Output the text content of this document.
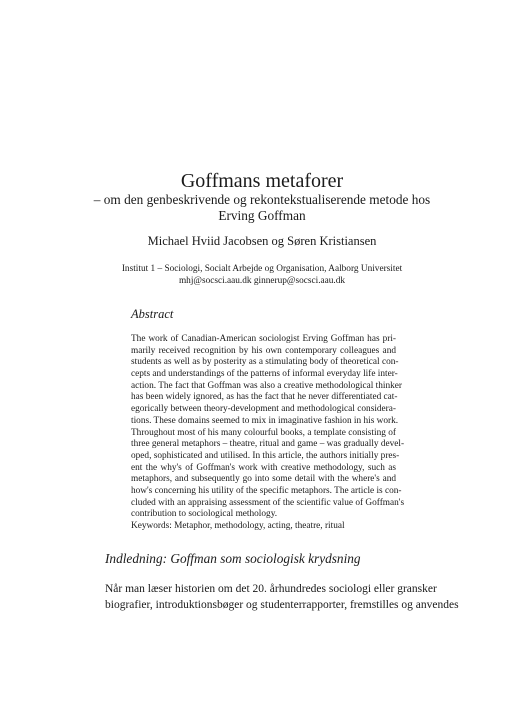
Goffmans metaforer
– om den genbeskrivende og rekontekstualiserende metode hos
Erving Goffman
Michael Hviid Jacobsen og Søren Kristiansen
Institut 1 – Sociologi, Socialt Arbejde og Organisation, Aalborg Universitet
mhj@socsci.aau.dk ginnerup@socsci.aau.dk
Abstract
The work of Canadian-American sociologist Erving Goffman has pri-
marily received recognition by his own contemporary colleagues and
students as well as by posterity as a stimulating body of theoretical con-
cepts and understandings of the patterns of informal everyday life inter-
action. The fact that Goffman was also a creative methodological thinker
has been widely ignored, as has the fact that he never differentiated cat-
egorically between theory-development and methodological considera-
tions. These domains seemed to mix in imaginative fashion in his work.
Throughout most of his many colourful books, a template consisting of
three general metaphors – theatre, ritual and game – was gradually devel-
oped, sophisticated and utilised. In this article, the authors initially pres-
ent the why's of Goffman's work with creative methodology, such as
metaphors, and subsequently go into some detail with the where's and
how's concerning his utility of the specific metaphors. The article is con-
cluded with an appraising assessment of the scientific value of Goffman's
contribution to sociological methology.
Keywords: Metaphor, methodology, acting, theatre, ritual
Indledning: Goffman som sociologisk krydsning
Når man læser historien om det 20. århundredes sociologi eller gransker
biografier, introduktionsbøger og studenterrapporter, fremstilles og anvendes
